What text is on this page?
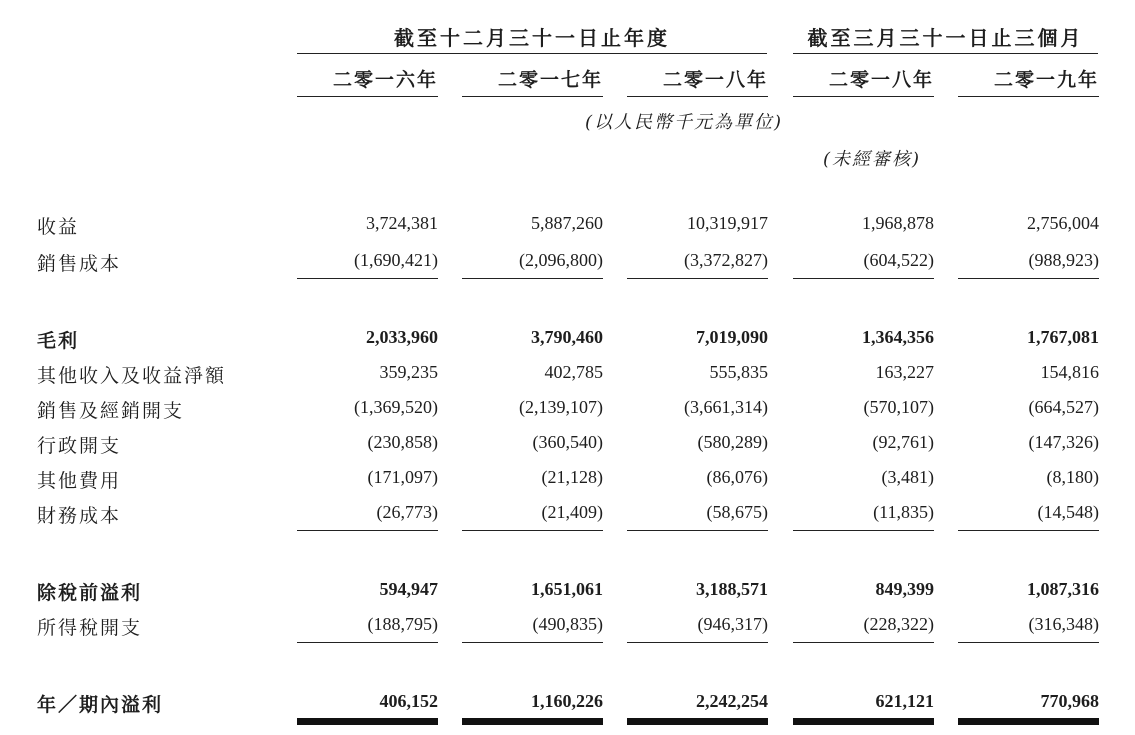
截至十二月三十一日止年度	截至三月三十一日止三個月
(以人民幣千元為單位)
(未經審核)
二零一六年	二零一七年	二零一八年	二零一八年	二零一九年
收益	3,724,381	5,887,260	10,319,917	1,968,878	2,756,004
銷售成本	(1,690,421)	(2,096,800)	(3,372,827)	(604,522)	(988,923)
毛利	2,033,960	3,790,460	7,019,090	1,364,356	1,767,081
其他收入及收益淨額	359,235	402,785	555,835	163,227	154,816
銷售及經銷開支	(1,369,520)	(2,139,107)	(3,661,314)	(570,107)	(664,527)
行政開支	(230,858)	(360,540)	(580,289)	(92,761)	(147,326)
其他費用	(171,097)	(21,128)	(86,076)	(3,481)	(8,180)
財務成本	(26,773)	(21,409)	(58,675)	(11,835)	(14,548)
除稅前溢利	594,947	1,651,061	3,188,571	849,399	1,087,316
所得稅開支	(188,795)	(490,835)	(946,317)	(228,322)	(316,348)
年／期內溢利	406,152	1,160,226	2,242,254	621,121	770,968
